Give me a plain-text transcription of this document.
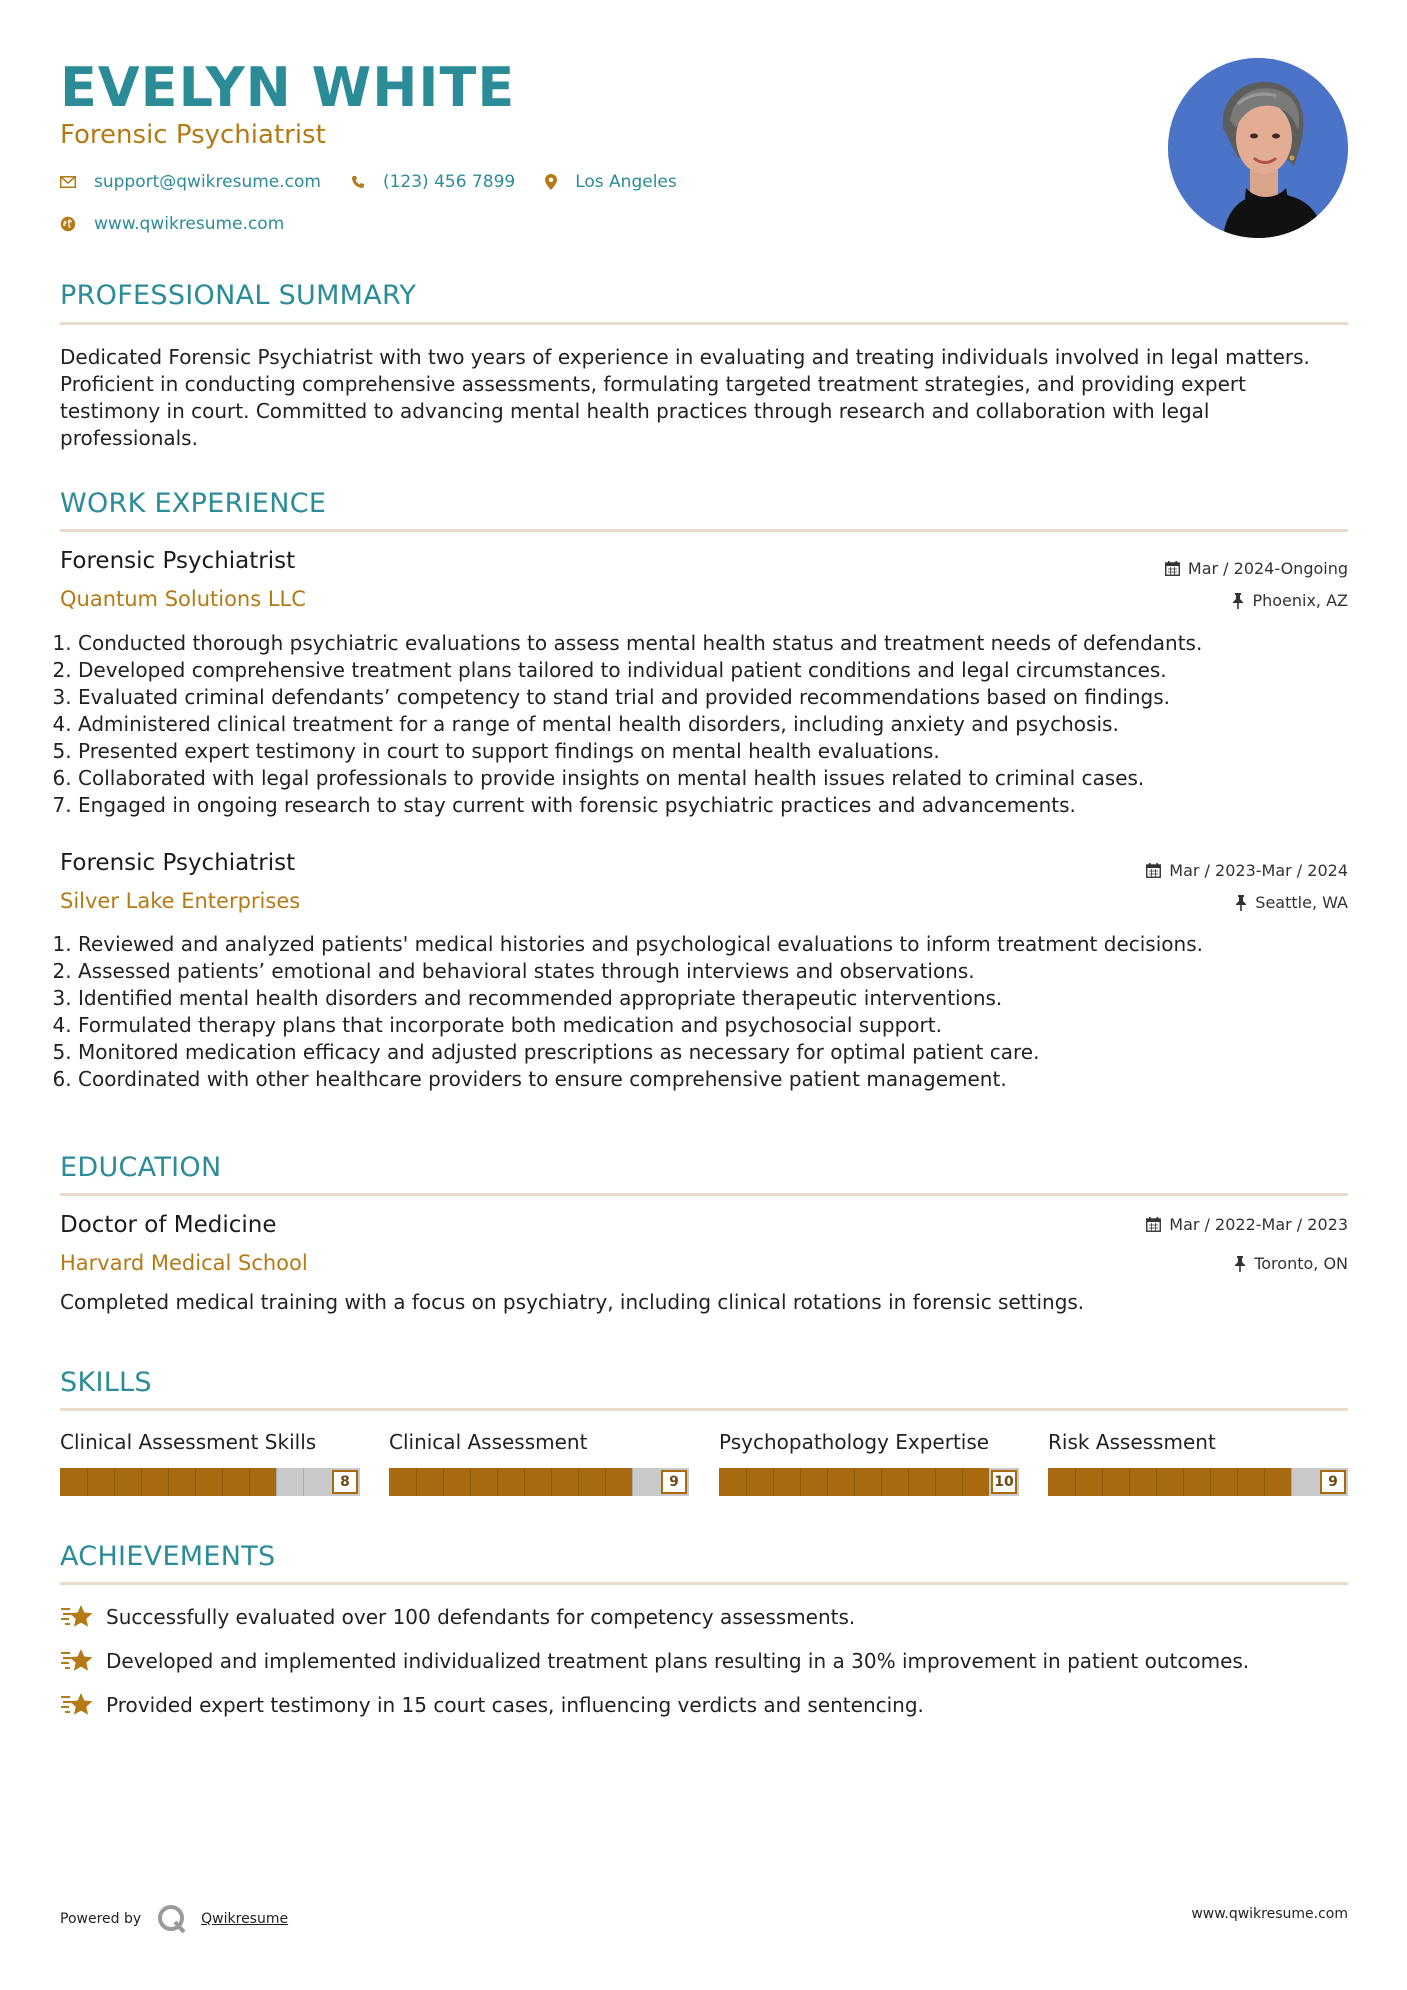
EVELYN WHITE
Forensic Psychiatrist
support@qwikresume.com	(123) 456 7899	Los Angeles
www.qwikresume.com
PROFESSIONAL SUMMARY
Dedicated Forensic Psychiatrist with two years of experience in evaluating and treating individuals involved in legal matters. Proficient in conducting comprehensive assessments, formulating targeted treatment strategies, and providing expert testimony in court. Committed to advancing mental health practices through research and collaboration with legal professionals.
WORK EXPERIENCE
Forensic Psychiatrist
Quantum Solutions LLC
Mar / 2024-Ongoing
Phoenix, AZ
1. Conducted thorough psychiatric evaluations to assess mental health status and treatment needs of defendants.
2. Developed comprehensive treatment plans tailored to individual patient conditions and legal circumstances.
3. Evaluated criminal defendants’ competency to stand trial and provided recommendations based on findings.
4. Administered clinical treatment for a range of mental health disorders, including anxiety and psychosis.
5. Presented expert testimony in court to support findings on mental health evaluations.
6. Collaborated with legal professionals to provide insights on mental health issues related to criminal cases.
7. Engaged in ongoing research to stay current with forensic psychiatric practices and advancements.
Forensic Psychiatrist
Silver Lake Enterprises
Mar / 2023-Mar / 2024
Seattle, WA
1. Reviewed and analyzed patients' medical histories and psychological evaluations to inform treatment decisions.
2. Assessed patients’ emotional and behavioral states through interviews and observations.
3. Identified mental health disorders and recommended appropriate therapeutic interventions.
4. Formulated therapy plans that incorporate both medication and psychosocial support.
5. Monitored medication efficacy and adjusted prescriptions as necessary for optimal patient care.
6. Coordinated with other healthcare providers to ensure comprehensive patient management.
EDUCATION
Doctor of Medicine
Harvard Medical School
Mar / 2022-Mar / 2023
Toronto, ON
Completed medical training with a focus on psychiatry, including clinical rotations in forensic settings.
SKILLS
Clinical Assessment Skills
8
Clinical Assessment
9
Psychopathology Expertise
10
Risk Assessment
9
ACHIEVEMENTS
Successfully evaluated over 100 defendants for competency assessments.
Developed and implemented individualized treatment plans resulting in a 30% improvement in patient outcomes.
Provided expert testimony in 15 court cases, influencing verdicts and sentencing.
Powered by	Qwikresume	www.qwikresume.com
